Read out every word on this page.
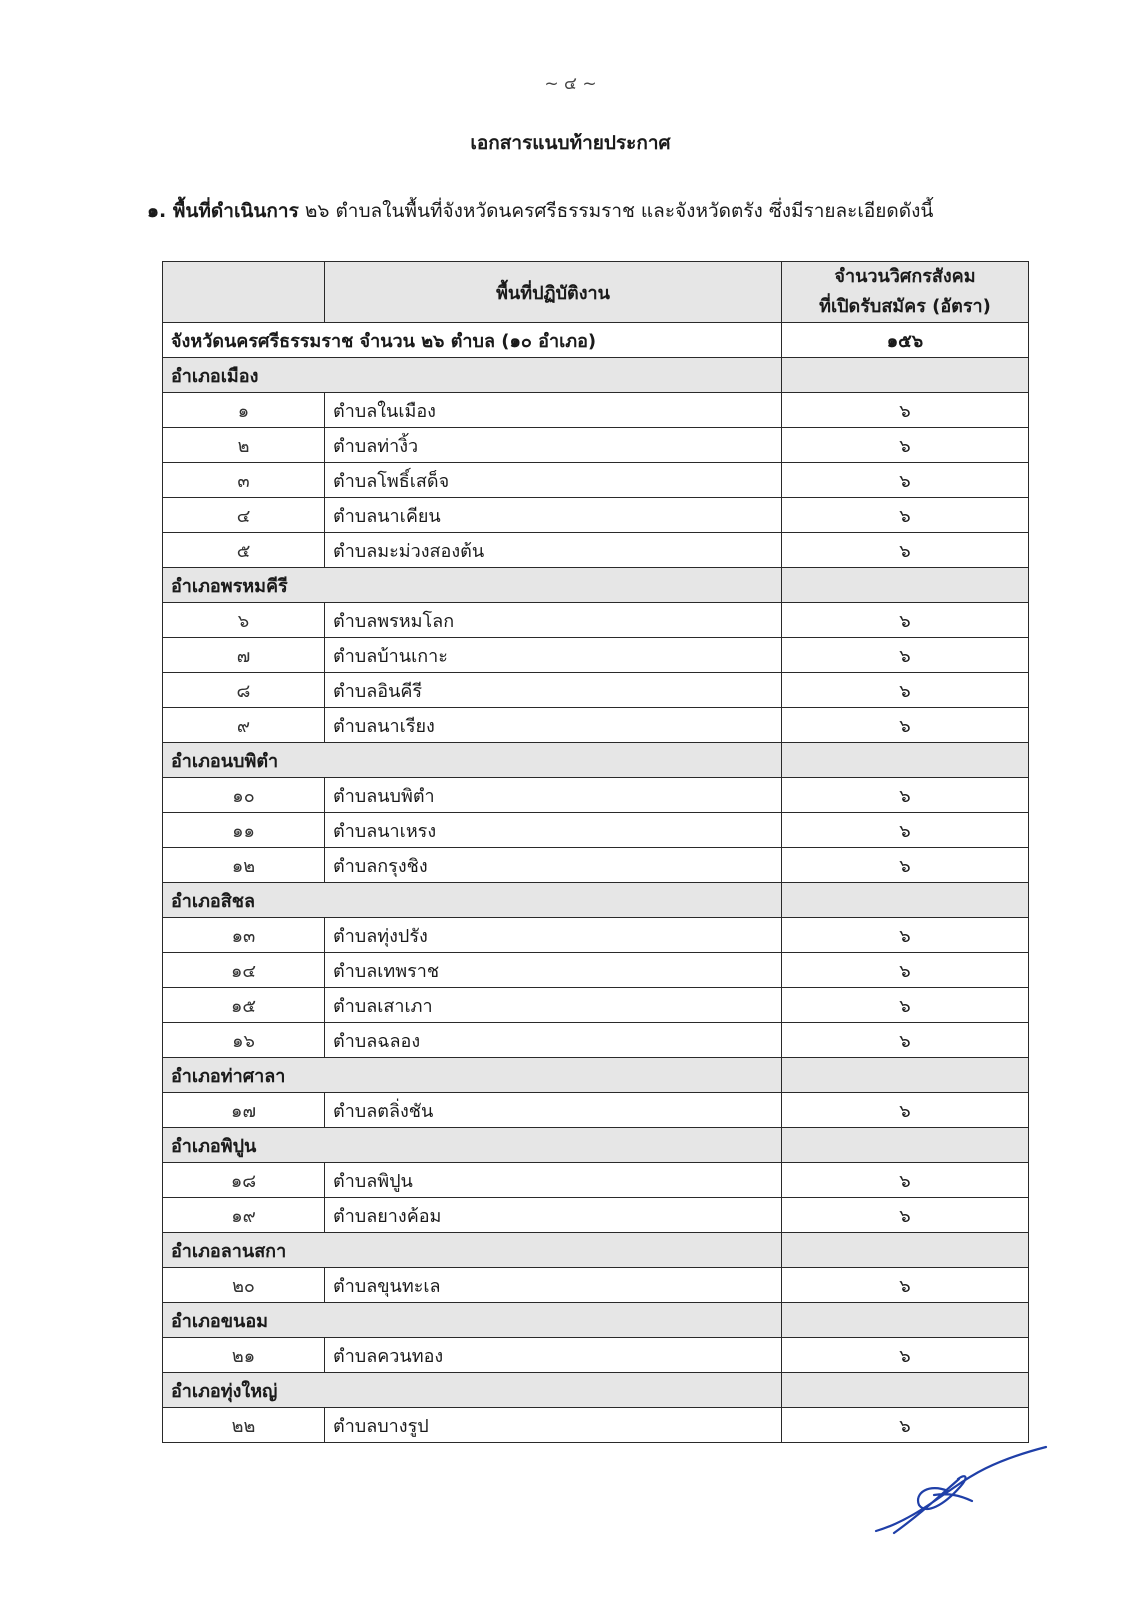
~ ๔ ~
เอกสารแนบท้ายประกาศ
๑. พื้นที่ดำเนินการ ๒๖ ตำบลในพื้นที่จังหวัดนครศรีธรรมราช และจังหวัดตรัง ซึ่งมีรายละเอียดดังนี้
	พื้นที่ปฏิบัติงาน	จำนวนวิศกรสังคม
ที่เปิดรับสมัคร (อัตรา)

จังหวัดนครศรีธรรมราช จำนวน ๒๖ ตำบล (๑๐ อำเภอ)		๑๕๖
อำเภอเมือง		
๑	ตำบลในเมือง	๖
๒	ตำบลท่างิ้ว	๖
๓	ตำบลโพธิ์เสด็จ	๖
๔	ตำบลนาเคียน	๖
๕	ตำบลมะม่วงสองต้น	๖
อำเภอพรหมคีรี		
๖	ตำบลพรหมโลก	๖
๗	ตำบลบ้านเกาะ	๖
๘	ตำบลอินคีรี	๖
๙	ตำบลนาเรียง	๖
อำเภอนบพิตำ		
๑๐	ตำบลนบพิตำ	๖
๑๑	ตำบลนาเหรง	๖
๑๒	ตำบลกรุงชิง	๖
อำเภอสิชล		
๑๓	ตำบลทุ่งปรัง	๖
๑๔	ตำบลเทพราช	๖
๑๕	ตำบลเสาเภา	๖
๑๖	ตำบลฉลอง	๖
อำเภอท่าศาลา		
๑๗	ตำบลตลิ่งชัน	๖
อำเภอพิปูน		
๑๘	ตำบลพิปูน	๖
๑๙	ตำบลยางค้อม	๖
อำเภอลานสกา		
๒๐	ตำบลขุนทะเล	๖
อำเภอขนอม		
๒๑	ตำบลควนทอง	๖
อำเภอทุ่งใหญ่		
๒๒	ตำบลบางรูป	๖
